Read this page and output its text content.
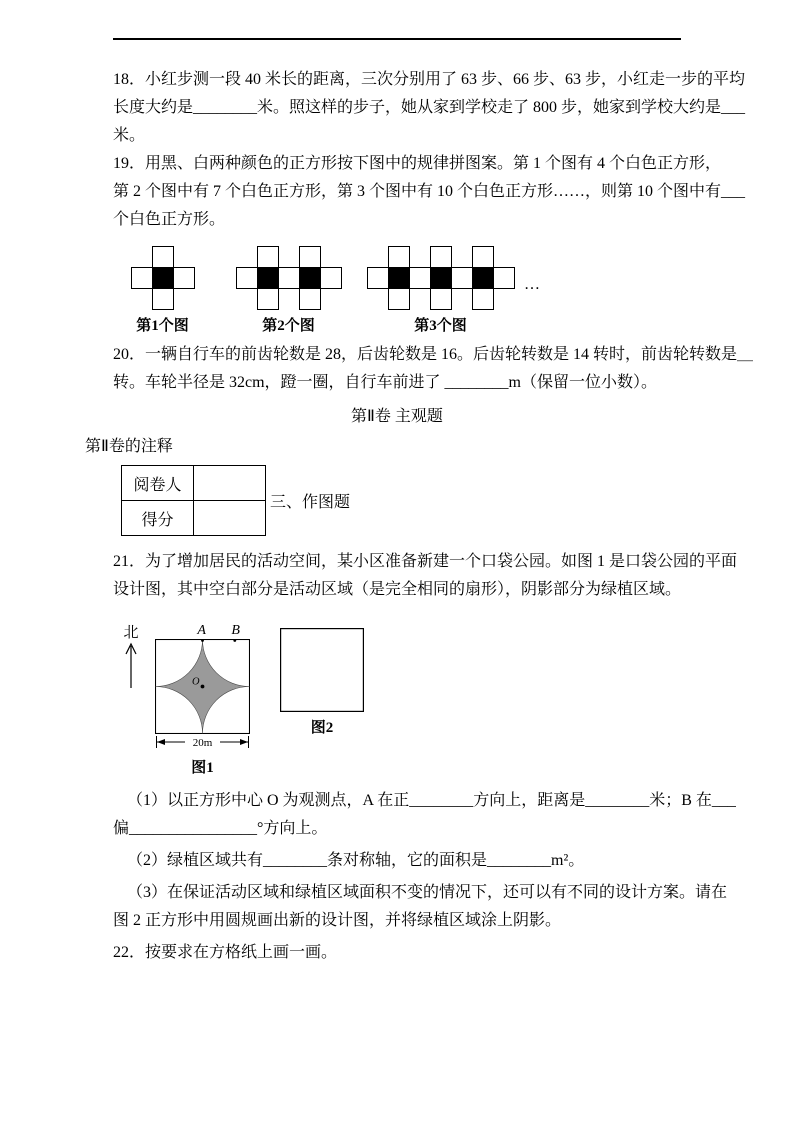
18．小红步测一段 40 米长的距离，三次分别用了 63 步、66 步、63 步，小红走一步的平均
长度大约是________米。照这样的步子，她从家到学校走了 800 步，她家到学校大约是___
米。
19．用黑、白两种颜色的正方形按下图中的规律拼图案。第 1 个图有 4 个白色正方形，
第 2 个图中有 7 个白色正方形，第 3 个图中有 10 个白色正方形……，则第 10 个图中有___
个白色正方形。
第1个图	第2个图	第3个图
…
20．一辆自行车的前齿轮数是 28，后齿轮数是 16。后齿轮转数是 14 转时，前齿轮转数是＿
转。车轮半径是 32cm，蹬一圈，自行车前进了 ________m（保留一位小数）。
第Ⅱ卷 主观题
第Ⅱ卷的注释
阅卷人	
得分	
三、作图题
21．为了增加居民的活动空间，某小区准备新建一个口袋公园。如图 1 是口袋公园的平面
设计图，其中空白部分是活动区域（是完全相同的扇形），阴影部分为绿植区域。
北	A B
O
20m
图1
图2
（1）以正方形中心 O 为观测点，A 在正________方向上，距离是________米；B 在___
偏________________°方向上。
（2）绿植区域共有________条对称轴，它的面积是________m²。
（3）在保证活动区域和绿植区域面积不变的情况下，还可以有不同的设计方案。请在
图 2 正方形中用圆规画出新的设计图，并将绿植区域涂上阴影。
22．按要求在方格纸上画一画。
